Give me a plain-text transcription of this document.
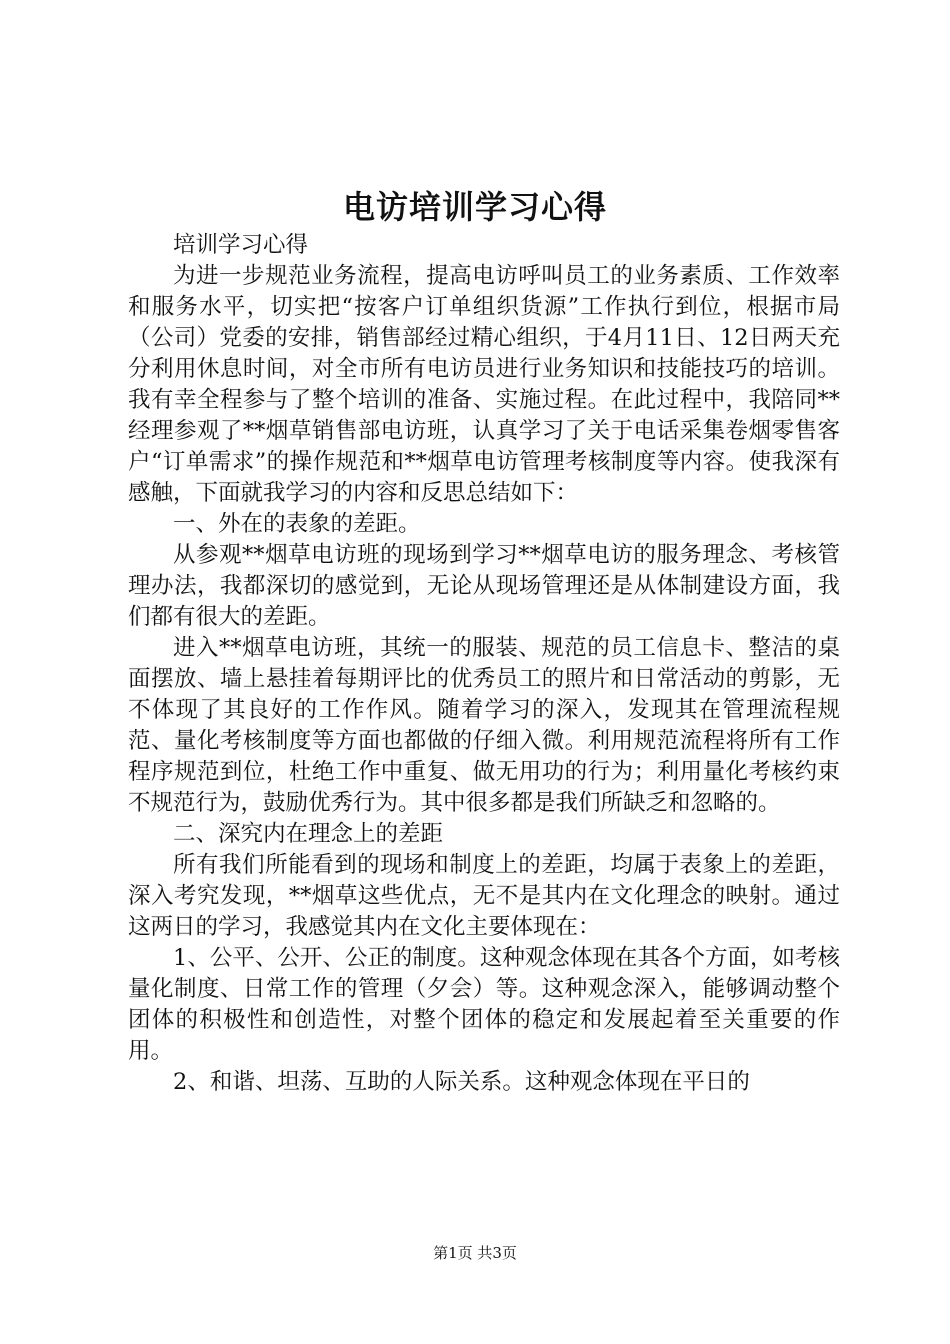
电访培训学习心得

培训学习心得

为进一步规范业务流程，提高电访呼叫员工的业务素质、工作效率和服务水平，切实把“按客户订单组织货源”工作执行到位，根据市局（公司）党委的安排，销售部经过精心组织，于4月11日、12日两天充分利用休息时间，对全市所有电访员进行业务知识和技能技巧的培训。我有幸全程参与了整个培训的准备、实施过程。在此过程中，我陪同**经理参观了**烟草销售部电访班，认真学习了关于电话采集卷烟零售客户“订单需求”的操作规范和**烟草电访管理考核制度等内容。使我深有感触，下面就我学习的内容和反思总结如下：

一、外在的表象的差距。

从参观**烟草电访班的现场到学习**烟草电访的服务理念、考核管理办法，我都深切的感觉到，无论从现场管理还是从体制建设方面，我们都有很大的差距。

进入**烟草电访班，其统一的服装、规范的员工信息卡、整洁的桌面摆放、墙上悬挂着每期评比的优秀员工的照片和日常活动的剪影，无不体现了其良好的工作作风。随着学习的深入，发现其在管理流程规范、量化考核制度等方面也都做的仔细入微。利用规范流程将所有工作程序规范到位，杜绝工作中重复、做无用功的行为；利用量化考核约束不规范行为，鼓励优秀行为。其中很多都是我们所缺乏和忽略的。

二、深究内在理念上的差距

所有我们所能看到的现场和制度上的差距，均属于表象上的差距，深入考究发现，**烟草这些优点，无不是其内在文化理念的映射。通过这两日的学习，我感觉其内在文化主要体现在：

1、公平、公开、公正的制度。这种观念体现在其各个方面，如考核量化制度、日常工作的管理（夕会）等。这种观念深入，能够调动整个团体的积极性和创造性，对整个团体的稳定和发展起着至关重要的作用。

2、和谐、坦荡、互助的人际关系。这种观念体现在平日的

第1页 共3页
